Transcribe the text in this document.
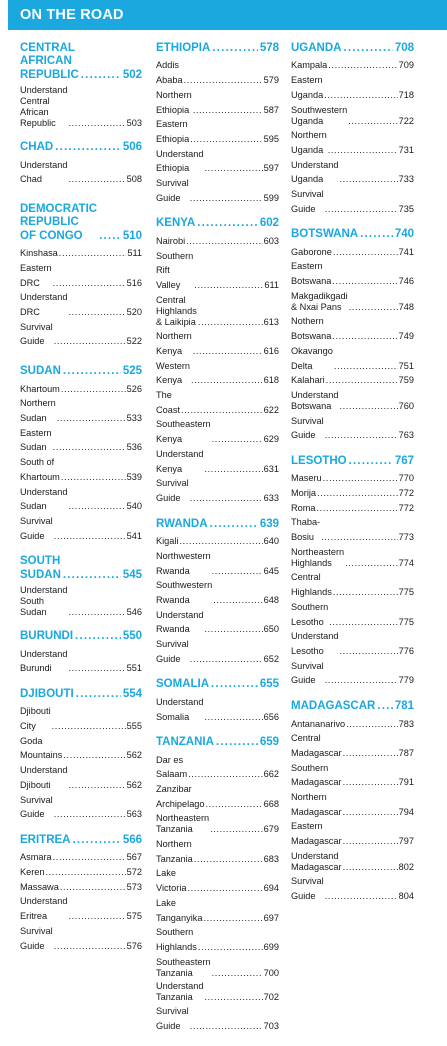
ON THE ROAD
CENTRAL AFRICAN
REPUBLIC .....	502
Understand Central
African Republic .....	503
CHAD .....	506
Understand Chad .....	508
DEMOCRATIC
REPUBLIC
OF CONGO .....	510
Kinshasa .....	511
Eastern DRC .....	516
Understand DRC .....	520
Survival Guide .....	522
SUDAN .....	525
Khartoum .....	526
Northern Sudan .....	533
Eastern Sudan .....	536
South of Khartoum .....	539
Understand Sudan .....	540
Survival Guide .....	541
SOUTH SUDAN .....	545
Understand
South Sudan .....	546
BURUNDI .....	550
Understand Burundi .....	551
DJIBOUTI .....	554
Djibouti City .....	555
Goda Mountains .....	562
Understand Djibouti .....	562
Survival Guide .....	563
ERITREA .....	566
Asmara .....	567
Keren .....	572
Massawa .....	573
Understand Eritrea .....	575
Survival Guide .....	576
ETHIOPIA .....	578
Addis Ababa .....	579
Northern Ethiopia .....	587
Eastern Ethiopia .....	595
Understand Ethiopia .....	597
Survival Guide .....	599
KENYA .....	602
Nairobi .....	603
Southern Rift Valley .....	611
Central Highlands
& Laikipia .....	613
Northern Kenya .....	616
Western Kenya .....	618
The Coast .....	622
Southeastern Kenya .....	629
Understand Kenya .....	631
Survival Guide .....	633
RWANDA .....	639
Kigali .....	640
Northwestern Rwanda .....	645
Southwestern Rwanda .....	648
Understand Rwanda .....	650
Survival Guide .....	652
SOMALIA .....	655
Understand Somalia .....	656
TANZANIA .....	659
Dar es Salaam .....	662
Zanzibar Archipelago .....	668
Northeastern
Tanzania .....	679
Northern Tanzania .....	683
Lake Victoria .....	694
Lake Tanganyika .....	697
Southern Highlands .....	699
Southeastern
Tanzania .....	700
Understand
Tanzania .....	702
Survival Guide .....	703
UGANDA .....	708
Kampala .....	709
Eastern Uganda .....	718
Southwestern
Uganda .....	722
Northern Uganda .....	731
Understand Uganda .....	733
Survival Guide .....	735
BOTSWANA .....	740
Gaborone .....	741
Eastern Botswana .....	746
Makgadikgadi
& Nxai Pans .....	748
Nothern Botswana .....	749
Okavango Delta .....	751
Kalahari .....	759
Understand
Botswana .....	760
Survival Guide .....	763
LESOTHO .....	767
Maseru .....	770
Morija .....	772
Roma .....	772
Thaba-Bosiu .....	773
Northeastern
Highlands .....	774
Central Highlands .....	775
Southern Lesotho .....	775
Understand Lesotho .....	776
Survival Guide .....	779
MADAGASCAR ..... 781
Antananarivo .....	783
Central Madagascar .....	787
Southern Madagascar .....	791
Northern Madagascar .....	794
Eastern Madagascar .....	797
Understand
Madagascar .....	802
Survival Guide .....	804
